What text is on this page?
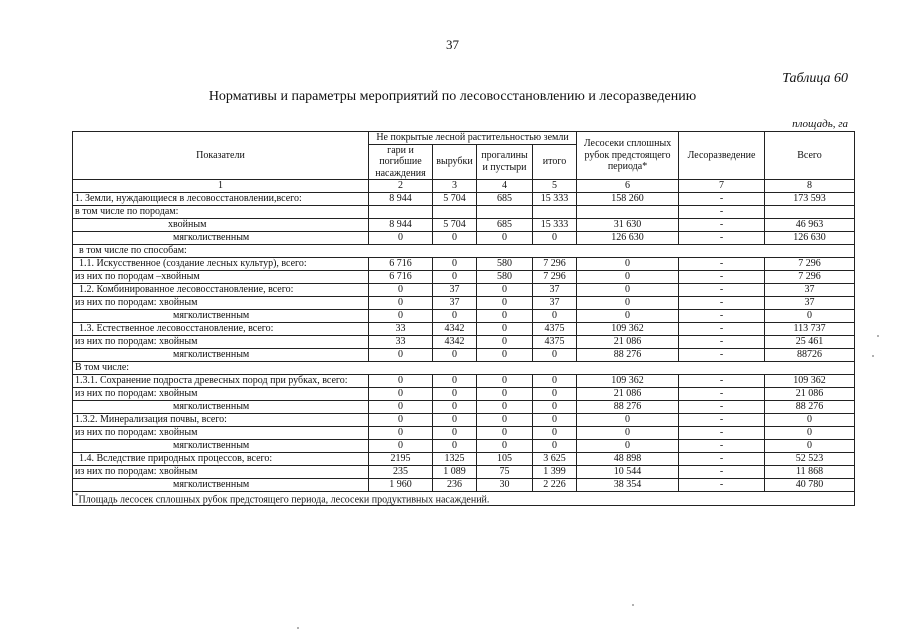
37
Таблица 60
Нормативы и параметры мероприятий по лесовосстановлению и лесоразведению
площадь, га
Показатели	Не покрытые лесной растительностью земли				Лесосеки сплошных рубок предстоящего периода*	Лесоразведение	Всего
	гари и погибшие насаждения	вырубки	прогалины и пустыри	итого			
1	2	3	4	5	6	7	8
1. Земли, нуждающиеся в лесовосстановлении,всего:	8 944	5 704	685	15 333	158 260	-	173 593
в том числе по породам:						-	
хвойным	8 944	5 704	685	15 333	31 630	-	46 963
мягколиственным	0	0	0	0	126 630	-	126 630
в том числе по способам:							
1.1. Искусственное (создание лесных культур), всего:	6 716	0	580	7 296	0	-	7 296
из них по породам –хвойным	6 716	0	580	7 296	0	-	7 296
1.2. Комбинированное лесовосстановление, всего:	0	37	0	37	0	-	37
из них по породам: хвойным	0	37	0	37	0	-	37
мягколиственным	0	0	0	0	0	-	0
1.3. Естественное лесовосстановление, всего:	33	4342	0	4375	109 362	-	113 737
из них по породам: хвойным	33	4342	0	4375	21 086	-	25 461
мягколиственным	0	0	0	0	88 276	-	88726
В том числе:							
1.3.1. Сохранение подроста древесных пород при рубках, всего:	0	0	0	0	109 362	-	109 362
из них по породам: хвойным	0	0	0	0	21 086	-	21 086
мягколиственным	0	0	0	0	88 276	-	88 276
1.3.2. Минерализация почвы, всего:	0	0	0	0	0	-	0
из них по породам: хвойным	0	0	0	0	0	-	0
мягколиственным	0	0	0	0	0	-	0
1.4. Вследствие природных процессов, всего:	2195	1325	105	3 625	48 898	-	52 523
из них по породам: хвойным	235	1 089	75	1 399	10 544	-	11 868
мягколиственным	1 960	236	30	2 226	38 354	-	40 780
*Площадь лесосек сплошных рубок предстоящего периода, лесосеки продуктивных насаждений.							
